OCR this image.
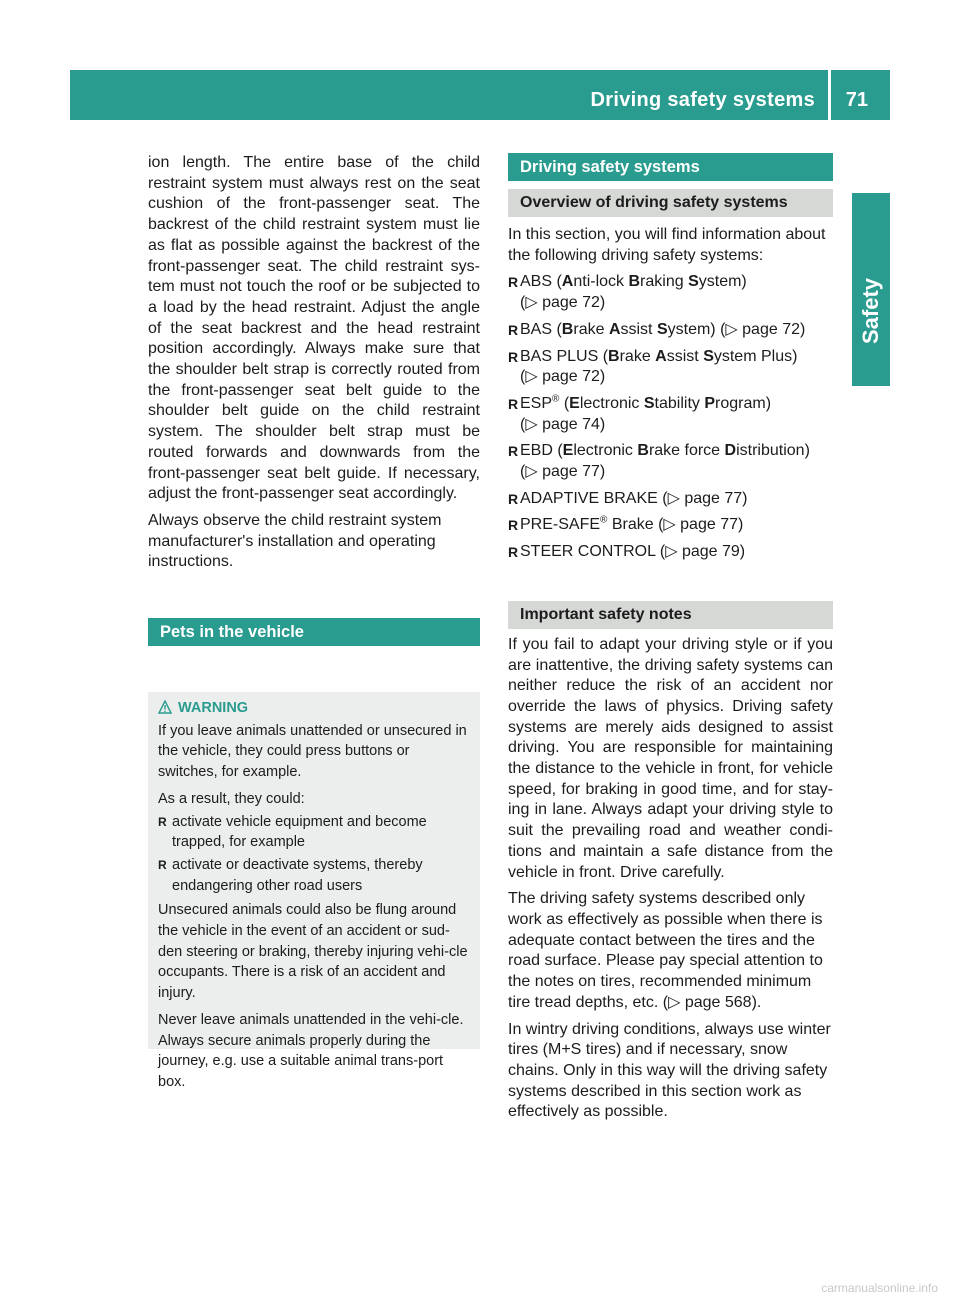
Driving safety systems 71
Safety

ion length. The entire base of the child restraint system must always rest on the seat cushion of the front-passenger seat. The backrest of the child restraint system must lie as flat as possible against the backrest of the front-passenger seat. The child restraint sys-tem must not touch the roof or be subjected to a load by the head restraint. Adjust the angle of the seat backrest and the head restraint position accordingly. Always make sure that the shoulder belt strap is correctly routed from the front-passenger seat belt guide to the shoulder belt guide on the child restraint system. The shoulder belt strap must be routed forwards and downwards from the front-passenger seat belt guide. If necessary, adjust the front-passenger seat accordingly.

Always observe the child restraint system manufacturer's installation and operating instructions.

Pets in the vehicle

WARNING

If you leave animals unattended or unsecured in the vehicle, they could press buttons or switches, for example.

As a result, they could:

R activate vehicle equipment and become trapped, for example
R activate or deactivate systems, thereby endangering other road users

Unsecured animals could also be flung around the vehicle in the event of an accident or sud-den steering or braking, thereby injuring vehi-cle occupants. There is a risk of an accident and injury.

Never leave animals unattended in the vehi-cle. Always secure animals properly during the journey, e.g. use a suitable animal trans-port box.

Driving safety systems
Overview of driving safety systems

In this section, you will find information about the following driving safety systems:

R ABS (Anti-lock Braking System)
(▷ page 72)
R BAS (Brake Assist System) (▷ page 72)
R BAS PLUS (Brake Assist System Plus)
(▷ page 72)
R ESP® (Electronic Stability Program)
(▷ page 74)
R EBD (Electronic Brake force Distribution)
(▷ page 77)
R ADAPTIVE BRAKE (▷ page 77)
R PRE-SAFE® Brake (▷ page 77)
R STEER CONTROL (▷ page 79)
Important safety notes

If you fail to adapt your driving style or if you are inattentive, the driving safety systems can neither reduce the risk of an accident nor override the laws of physics. Driving safety systems are merely aids designed to assist driving. You are responsible for maintaining the distance to the vehicle in front, for vehicle speed, for braking in good time, and for stay-ing in lane. Always adapt your driving style to suit the prevailing road and weather condi-tions and maintain a safe distance from the vehicle in front. Drive carefully.

The driving safety systems described only work as effectively as possible when there is adequate contact between the tires and the road surface. Please pay special attention to the notes on tires, recommended minimum tire tread depths, etc. (▷ page 568).

In wintry driving conditions, always use winter tires (M+S tires) and if necessary, snow chains. Only in this way will the driving safety systems described in this section work as effectively as possible.

carmanualsonline.info
